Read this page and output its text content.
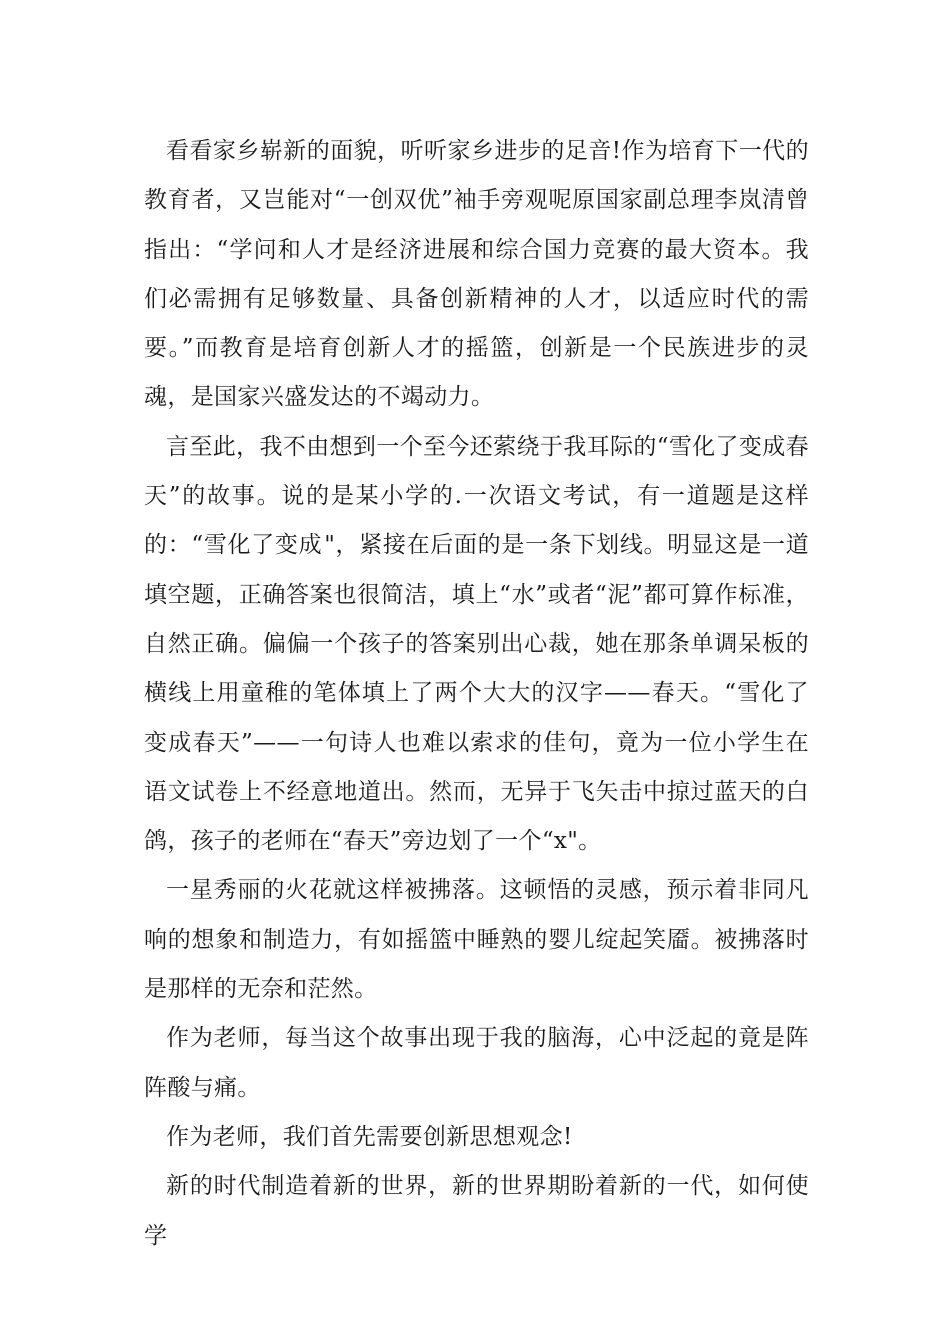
看看家乡崭新的面貌，听听家乡进步的足音!作为培育下一代的教育者，又岂能对“一创双优”袖手旁观呢原国家副总理李岚清曾指出：“学问和人才是经济进展和综合国力竞赛的最大资本。我们必需拥有足够数量、具备创新精神的人才，以适应时代的需要。”而教育是培育创新人才的摇篮，创新是一个民族进步的灵魂，是国家兴盛发达的不竭动力。

言至此，我不由想到一个至今还萦绕于我耳际的“雪化了变成春天”的故事。说的是某小学的.一次语文考试，有一道题是这样的：“雪化了变成"，紧接在后面的是一条下划线。明显这是一道填空题，正确答案也很简洁，填上“水”或者“泥”都可算作标准，自然正确。偏偏一个孩子的答案别出心裁，她在那条单调呆板的横线上用童稚的笔体填上了两个大大的汉字——春天。“雪化了变成春天”——一句诗人也难以索求的佳句，竟为一位小学生在语文试卷上不经意地道出。然而，无异于飞矢击中掠过蓝天的白鸽，孩子的老师在“春天”旁边划了一个“x"。

一星秀丽的火花就这样被拂落。这顿悟的灵感，预示着非同凡响的想象和制造力，有如摇篮中睡熟的婴儿绽起笑靥。被拂落时是那样的无奈和茫然。

作为老师，每当这个故事出现于我的脑海，心中泛起的竟是阵阵酸与痛。

作为老师，我们首先需要创新思想观念!

新的时代制造着新的世界，新的世界期盼着新的一代，如何使学
